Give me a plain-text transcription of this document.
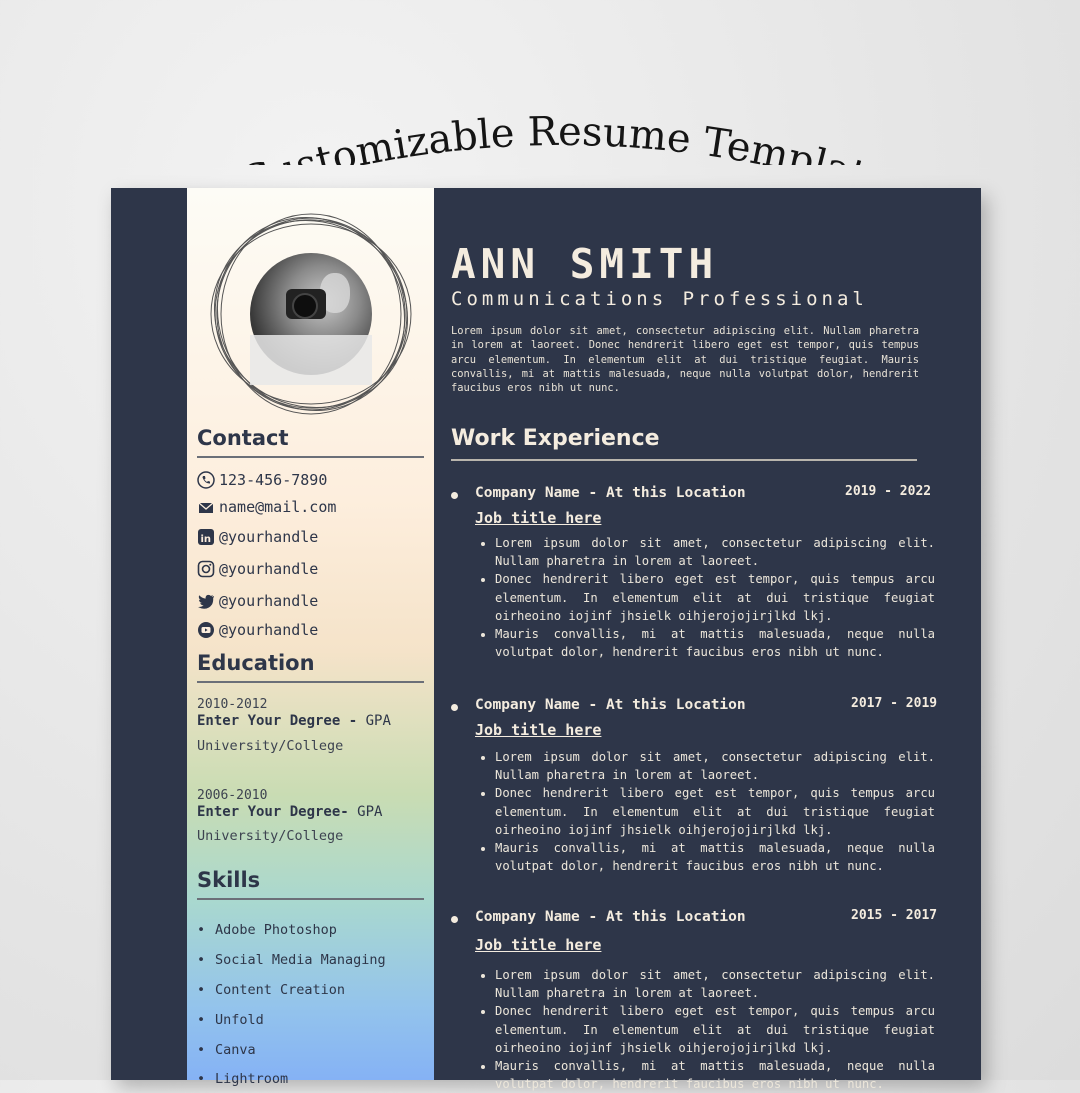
tomizable Resume Templ
Contact
123-456-7890
name@mail.com
in @yourhandle
@yourhandle
@yourhandle
@yourhandle
Education
2010-2012
Enter Your Degree - GPA
University/College
2006-2010
Enter Your Degree- GPA
University/College
Skills
• Adobe Photoshop
• Social Media Managing
• Content Creation
• Unfold
• Canva
• Lightroom
ANN SMITH
Communications Professional
Lorem ipsum dolor sit amet, consectetur adipiscing elit. Nullam pharetra in lorem at laoreet. Donec hendrerit libero eget est tempor, quis tempus arcu elementum. In elementum elit at dui tristique feugiat. Mauris convallis, mi at mattis malesuada, neque nulla volutpat dolor, hendrerit faucibus eros nibh ut nunc.
Work Experience
Company Name - At this Location	2019 - 2022
Job title here
• Lorem ipsum dolor sit amet, consectetur adipiscing elit. Nullam pharetra in lorem at laoreet.
• Donec hendrerit libero eget est tempor, quis tempus arcu elementum. In elementum elit at dui tristique feugiat oirheoino iojinf jhsielk oihjerojojirjlkd lkj.
• Mauris convallis, mi at mattis malesuada, neque nulla volutpat dolor, hendrerit faucibus eros nibh ut nunc.
Company Name - At this Location	2017 - 2019
Job title here
• Lorem ipsum dolor sit amet, consectetur adipiscing elit. Nullam pharetra in lorem at laoreet.
• Donec hendrerit libero eget est tempor, quis tempus arcu elementum. In elementum elit at dui tristique feugiat oirheoino iojinf jhsielk oihjerojojirjlkd lkj.
• Mauris convallis, mi at mattis malesuada, neque nulla volutpat dolor, hendrerit faucibus eros nibh ut nunc.
Company Name - At this Location	2015 - 2017
Job title here
• Lorem ipsum dolor sit amet, consectetur adipiscing elit. Nullam pharetra in lorem at laoreet.
• Donec hendrerit libero eget est tempor, quis tempus arcu elementum. In elementum elit at dui tristique feugiat oirheoino iojinf jhsielk oihjerojojirjlkd lkj.
• Mauris convallis, mi at mattis malesuada, neque nulla volutpat dolor, hendrerit faucibus eros nibh ut nunc.
